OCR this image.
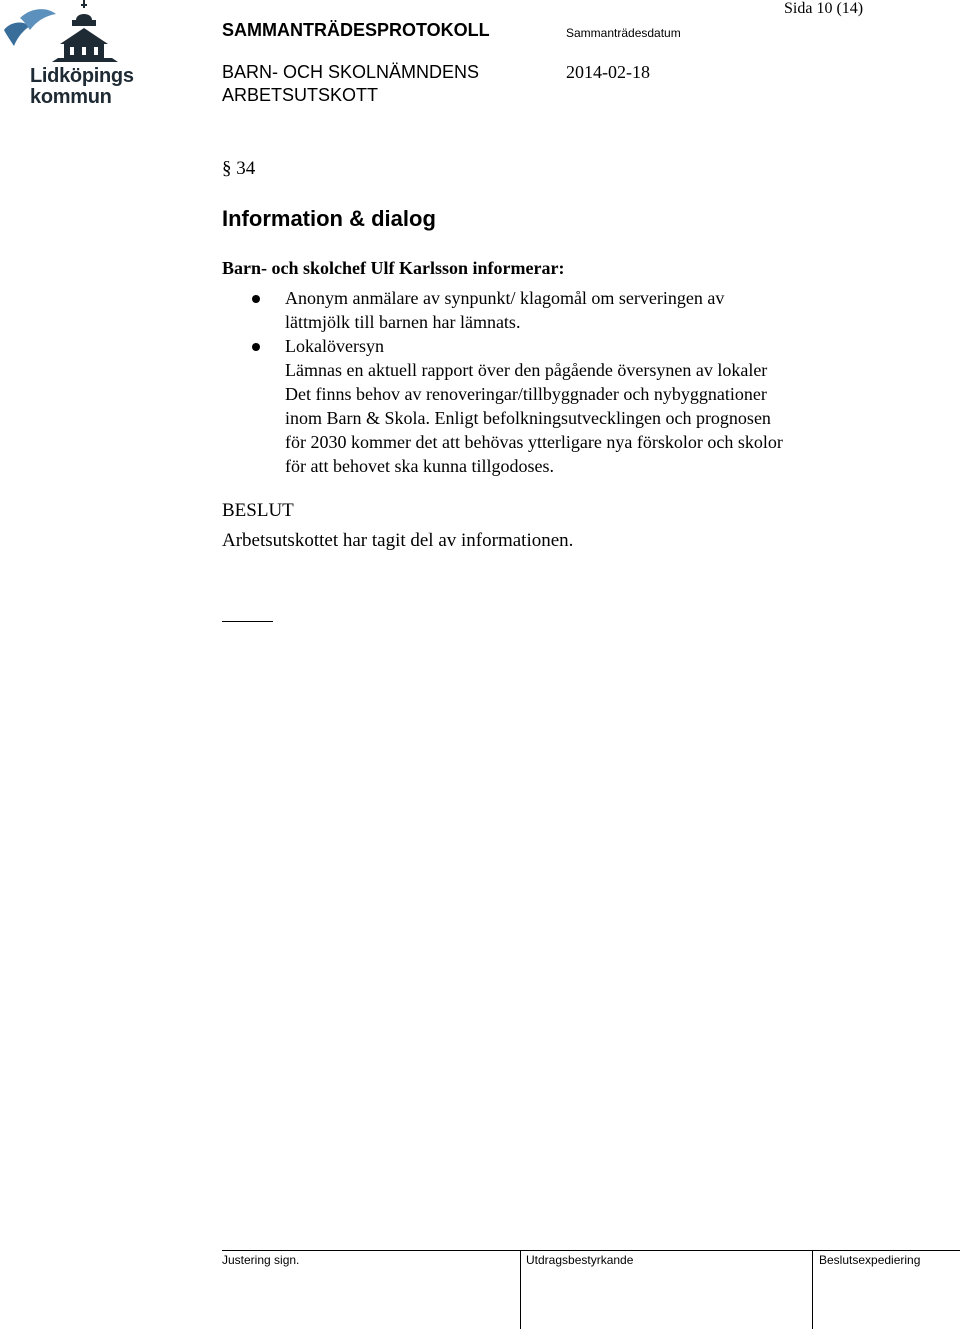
Lidköpings
kommun
Sida 10 (14)
SAMMANTRÄDESPROTOKOLL	Sammanträdesdatum
BARN- OCH SKOLNÄMNDENS
ARBETSUTSKOTT
2014-02-18
§ 34
Information & dialog
Barn- och skolchef Ulf Karlsson informerar:
Anonym anmälare av synpunkt/ klagomål om serveringen av
lättmjölk till barnen har lämnats.
Lokalöversyn
Lämnas en aktuell rapport över den pågående översynen av lokaler
Det finns behov av renoveringar/tillbyggnader och nybyggnationer
inom Barn & Skola. Enligt befolkningsutvecklingen och prognosen
för 2030 kommer det att behövas ytterligare nya förskolor och skolor
för att behovet ska kunna tillgodoses.
BESLUT
Arbetsutskottet har tagit del av informationen.
Justering sign.	Utdragsbestyrkande	Beslutsexpediering
